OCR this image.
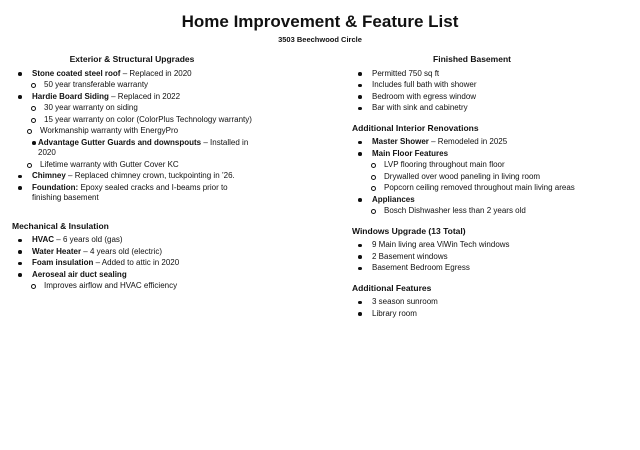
Home Improvement & Feature List
3503 Beechwood Circle
Exterior & Structural Upgrades
Stone coated steel roof – Replaced in 2020
50 year transferable warranty
Hardie Board Siding – Replaced in 2022
30 year warranty on siding
15 year warranty on color (ColorPlus Technology warranty)
Workmanship warranty with EnergyPro
Advantage Gutter Guards and downspouts – Installed in 2020
Lifetime warranty with Gutter Cover KC
Chimney – Replaced chimney crown, tuckpointing in ’26.
Foundation: Epoxy sealed cracks and I-beams prior to finishing basement
Mechanical & Insulation
HVAC – 6 years old (gas)
Water Heater – 4 years old (electric)
Foam insulation – Added to attic in 2020
Aeroseal air duct sealing
Improves airflow and HVAC efficiency
Finished Basement
Permitted 750 sq ft
Includes full bath with shower
Bedroom with egress window
Bar with sink and cabinetry
Additional Interior Renovations
Master Shower – Remodeled in 2025
Main Floor Features
LVP flooring throughout main floor
Drywalled over wood paneling in living room
Popcorn ceiling removed throughout main living areas
Appliances
Bosch Dishwasher less than 2 years old
Windows Upgrade (13 Total)
9 Main living area ViWin Tech windows
2 Basement windows
Basement Bedroom Egress
Additional Features
3 season sunroom
Library room
